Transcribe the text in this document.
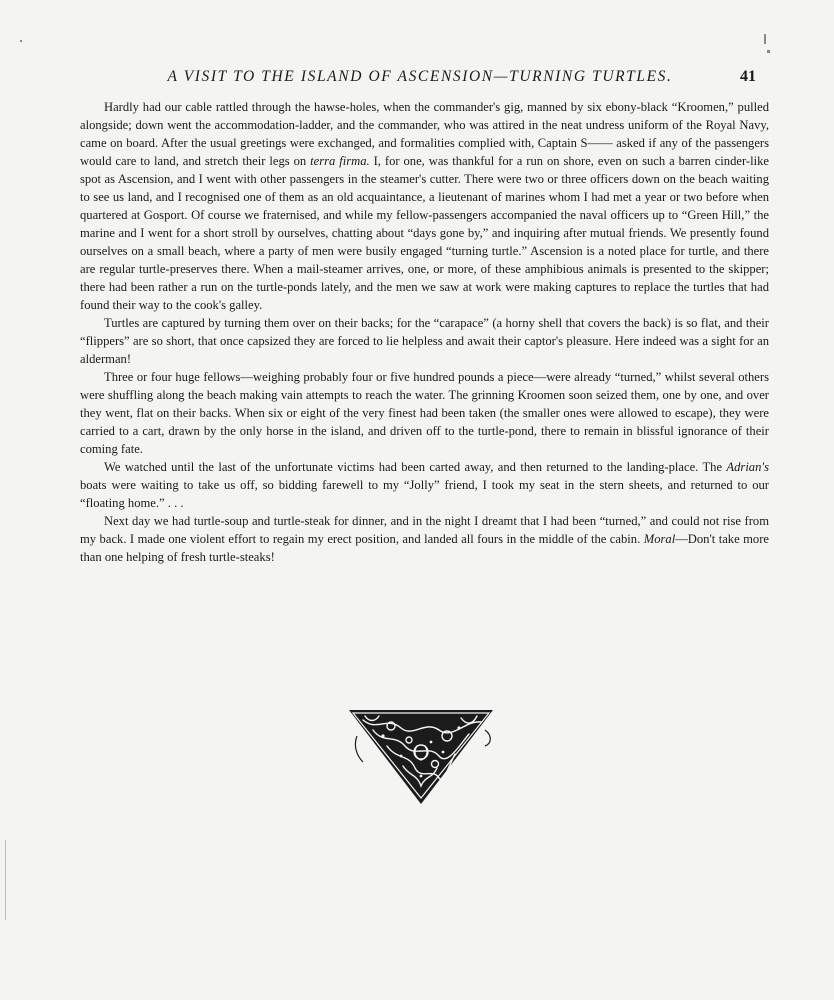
A VISIT TO THE ISLAND OF ASCENSION—TURNING TURTLES.	41

Hardly had our cable rattled through the hawse-holes, when the commander's gig, manned by six ebony-black “Kroomen,” pulled alongside; down went the accommodation-ladder, and the commander, who was attired in the neat undress uniform of the Royal Navy, came on board. After the usual greetings were exchanged, and formalities complied with, Captain S—— asked if any of the passengers would care to land, and stretch their legs on terra firma. I, for one, was thankful for a run on shore, even on such a barren cinder-like spot as Ascension, and I went with other passengers in the steamer's cutter. There were two or three officers down on the beach waiting to see us land, and I recognised one of them as an old acquaintance, a lieutenant of marines whom I had met a year or two before when quartered at Gosport. Of course we fraternised, and while my fellow-passengers accompanied the naval officers up to “Green Hill,” the marine and I went for a short stroll by ourselves, chatting about “days gone by,” and inquiring after mutual friends. We presently found ourselves on a small beach, where a party of men were busily engaged “turning turtle.” Ascension is a noted place for turtle, and there are regular turtle-preserves there. When a mail-steamer arrives, one, or more, of these amphibious animals is presented to the skipper; there had been rather a run on the turtle-ponds lately, and the men we saw at work were making captures to replace the turtles that had found their way to the cook's galley.

Turtles are captured by turning them over on their backs; for the “carapace” (a horny shell that covers the back) is so flat, and their “flippers” are so short, that once capsized they are forced to lie helpless and await their captor's pleasure. Here indeed was a sight for an alderman!

Three or four huge fellows—weighing probably four or five hundred pounds a piece—were already “turned,” whilst several others were shuffling along the beach making vain attempts to reach the water. The grinning Kroomen soon seized them, one by one, and over they went, flat on their backs. When six or eight of the very finest had been taken (the smaller ones were allowed to escape), they were carried to a cart, drawn by the only horse in the island, and driven off to the turtle-pond, there to remain in blissful ignorance of their coming fate.

We watched until the last of the unfortunate victims had been carted away, and then returned to the landing-place. The Adrian's boats were waiting to take us off, so bidding farewell to my “Jolly” friend, I took my seat in the stern sheets, and returned to our “floating home.” . . .

Next day we had turtle-soup and turtle-steak for dinner, and in the night I dreamt that I had been “turned,” and could not rise from my back. I made one violent effort to regain my erect position, and landed all fours in the middle of the cabin. Moral—Don't take more than one helping of fresh turtle-steaks!
